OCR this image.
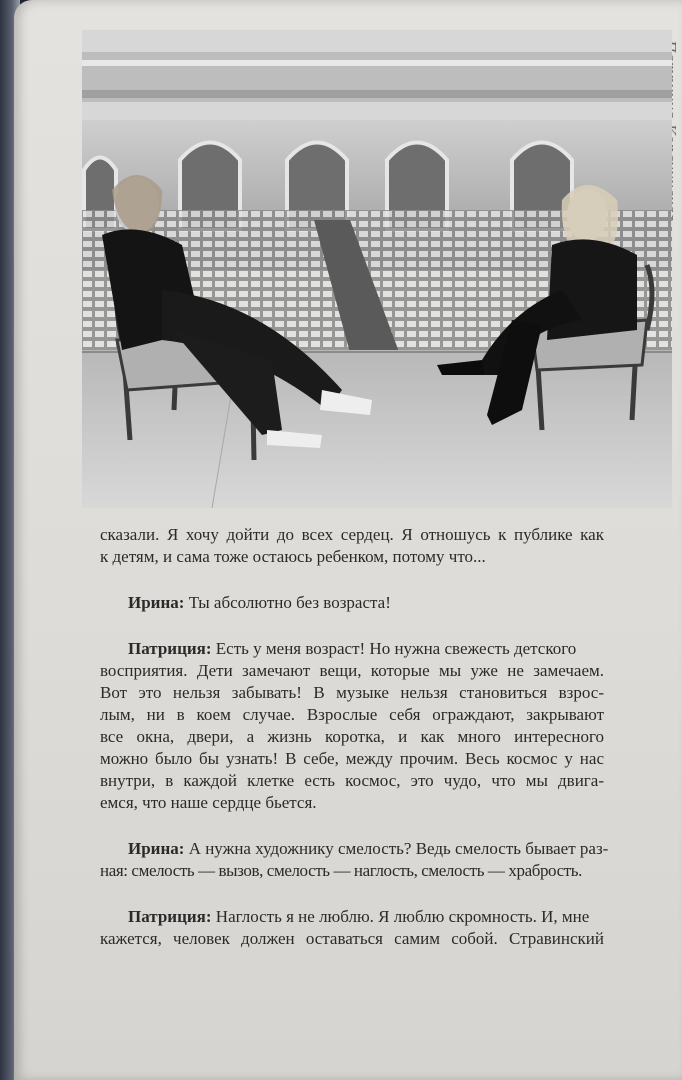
сказали. Я хочу дойти до всех сердец. Я отношусь к публике как
к детям, и сама тоже остаюсь ребенком, потому что...

Ирина: Ты абсолютно без возраста!

Патриция: Есть у меня возраст! Но нужна свежесть детского
восприятия. Дети замечают вещи, которые мы уже не замечаем.
Вот это нельзя забывать! В музыке нельзя становиться взрос-
лым, ни в коем случае. Взрослые себя ограждают, закрывают
все окна, двери, а жизнь коротка, и как много интересного
можно было бы узнать! В себе, между прочим. Весь космос у нас
внутри, в каждой клетке есть космос, это чудо, что мы двига-
емся, что наше сердце бьется.

Ирина: А нужна художнику смелость? Ведь смелость бывает раз-
ная: смелость — вызов, смелость — наглость, смелость — храбрость.

Патриция: Наглость я не люблю. Я люблю скромность. И, мне
кажется, человек должен оставаться самим собой. Стравинский
